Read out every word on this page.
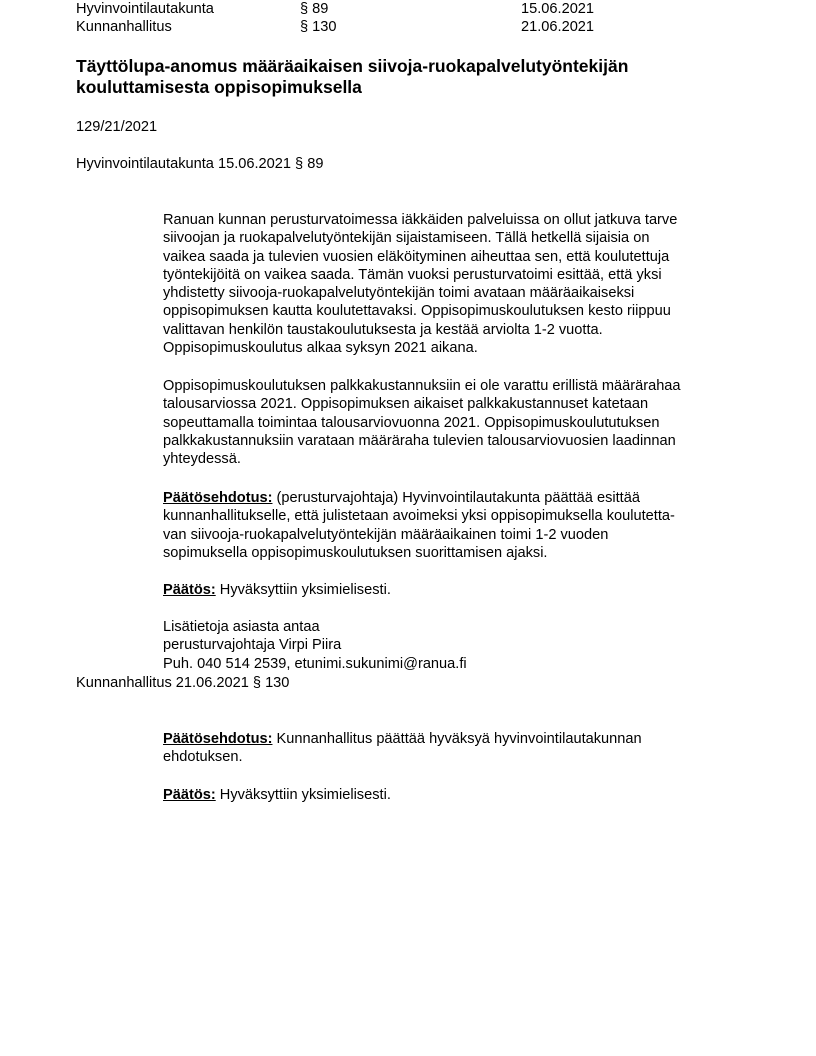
Hyvinvointilautakunta	§ 89	15.06.2021
Kunnanhallitus	§ 130	21.06.2021
Täyttölupa-anomus määräaikaisen siivoja-ruokapalvelutyöntekijän kouluttamisesta oppisopimuksella
129/21/2021
Hyvinvointilautakunta 15.06.2021 § 89

Ranuan kunnan perusturvatoimessa iäkkäiden palveluissa on ollut jatkuva tarve

siivoojan ja ruokapalvelutyöntekijän sijaistamiseen. Tällä hetkellä sijaisia on

vaikea saada ja tulevien vuosien eläköityminen aiheuttaa sen, että koulutettuja

työntekijöitä on vaikea saada. Tämän vuoksi perusturvatoimi esittää, että yksi

yhdistetty siivooja-ruokapalvelutyöntekijän toimi avataan määräaikaiseksi

oppisopimuksen kautta koulutettavaksi. Oppisopimuskoulutuksen kesto riippuu

valittavan henkilön taustakoulutuksesta ja kestää arviolta 1-2 vuotta.

Oppisopimuskoulutus alkaa syksyn 2021 aikana.

Oppisopimuskoulutuksen palkkakustannuksiin ei ole varattu erillistä määrärahaa

talousarviossa 2021. Oppisopimuksen aikaiset palkkakustannuset katetaan

sopeuttamalla toimintaa talousarviovuonna 2021. Oppisopimuskoulututuksen

palkkakustannuksiin varataan määräraha tulevien talousarviovuosien laadinnan

yhteydessä.

Päätösehdotus: (perusturvajohtaja) Hyvinvointilautakunta päättää esittää

kunnanhallitukselle, että julistetaan avoimeksi yksi oppisopimuksella koulutetta-

van siivooja-ruokapalvelutyöntekijän määräaikainen toimi 1-2 vuoden

sopimuksella oppisopimuskoulutuksen suorittamisen ajaksi.

Päätös: Hyväksyttiin yksimielisesti.

Lisätietoja asiasta antaa

perusturvajohtaja Virpi Piira

Puh. 040 514 2539, etunimi.sukunimi@ranua.fi

Kunnanhallitus 21.06.2021 § 130

Päätösehdotus: Kunnanhallitus päättää hyväksyä hyvinvointilautakunnan

ehdotuksen.

Päätös: Hyväksyttiin yksimielisesti.
